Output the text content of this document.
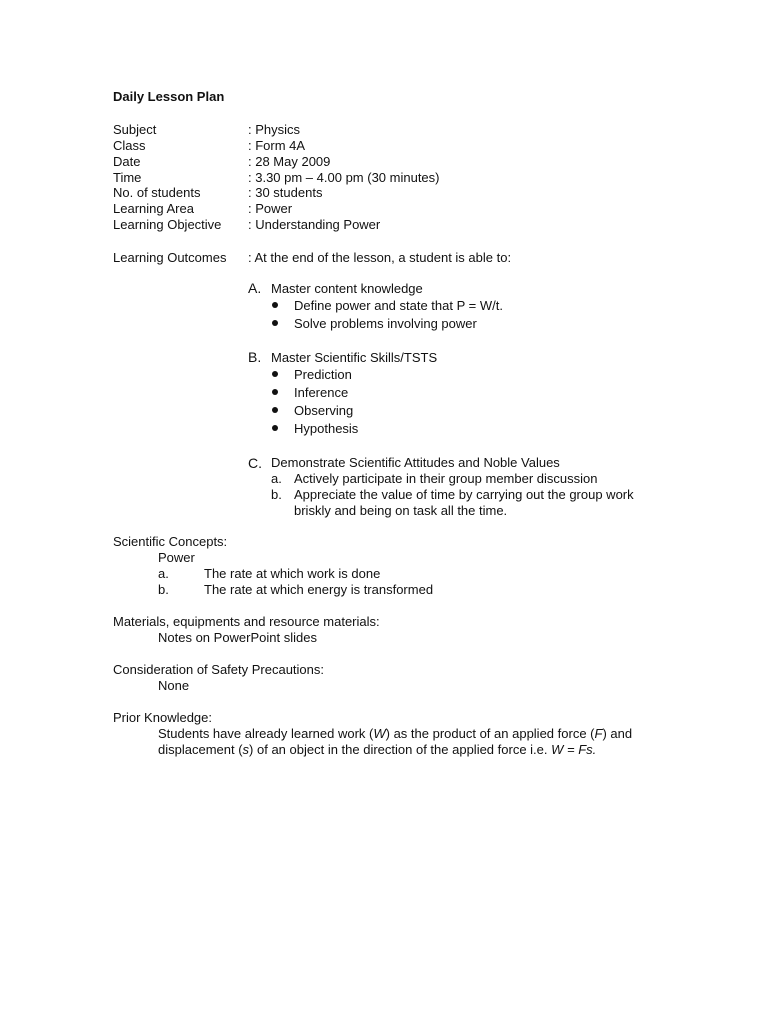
Daily Lesson Plan
Subject	: Physics
Class	: Form 4A
Date	: 28 May 2009
Time	: 3.30 pm – 4.00 pm (30 minutes)
No. of students	: 30 students
Learning Area	: Power
Learning Objective : Understanding Power
Learning Outcomes : At the end of the lesson, a student is able to:
A. Master content knowledge
Define power and state that P = W/t.
Solve problems involving power
B. Master Scientific Skills/TSTS
Prediction
Inference
Observing
Hypothesis
C. Demonstrate Scientific Attitudes and Noble Values
a. Actively participate in their group member discussion
b. Appreciate the value of time by carrying out the group work
briskly and being on task all the time.
Scientific Concepts:
Power
a.	The rate at which work is done
b.	The rate at which energy is transformed
Materials, equipments and resource materials:
Notes on PowerPoint slides
Consideration of Safety Precautions:
None
Prior Knowledge:
Students have already learned work (W) as the product of an applied force (F) and
displacement (s) of an object in the direction of the applied force i.e. W = Fs.
